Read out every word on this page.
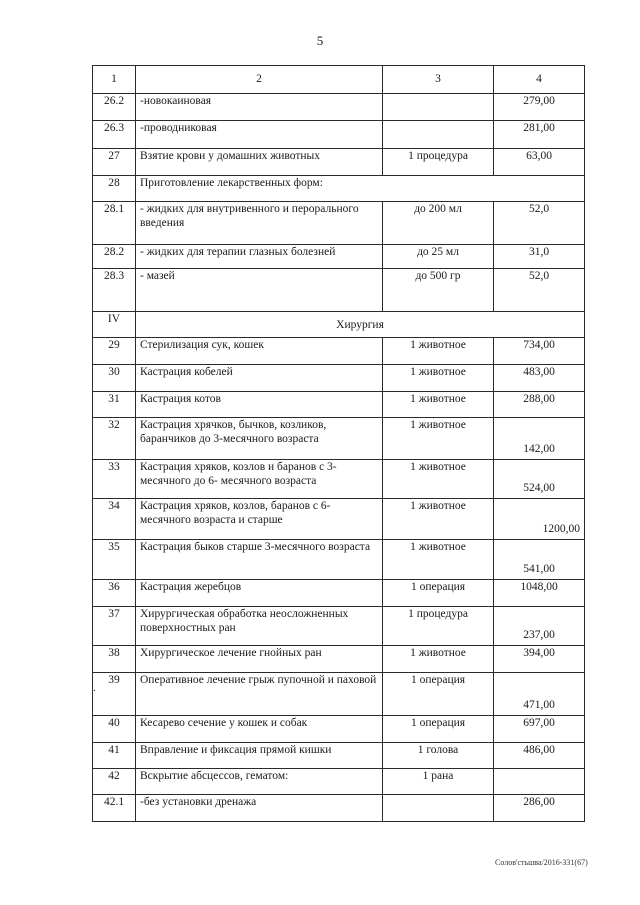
5
1	2	3	4
26.2	-новокаиновая		279,00
26.3	-проводниковая		281,00
27	Взятие крови у домашних животных	1 процедура	63,00
28	Приготовление лекарственных форм:		
28.1	- жидких для внутривенного и перорального введения	до 200 мл	52,0
28.2	- жидких для терапии глазных болезней	до 25 мл	31,0
28.3	- мазей	до 500 гр	52,0
IV	Хирургия		
29	Стерилизация сук, кошек	1 животное	734,00
30	Кастрация кобелей	1 животное	483,00
31	Кастрация котов	1 животное	288,00
32	Кастрация хрячков, бычков, козликов, баранчиков до 3-месячного возраста	1 животное	142,00
33	Кастрация хряков, козлов и баранов с 3-месячного до 6- месячного возраста	1 животное	524,00
34	Кастрация хряков, козлов, баранов с 6-месячного возраста и старше	1 животное	1200,00
35	Кастрация быков старше 3-месячного возраста	1 животное	541,00
36	Кастрация жеребцов	1 операция	1048,00
37	Хирургическая обработка неосложненных поверхностных ран	1 процедура	237,00
38	Хирургическое лечение гнойных ран	1 животное	394,00
39	Оперативное лечение грыж пупочной и паховой	1 операция	471,00
40	Кесарево сечение у кошек и собак	1 операция	697,00
41	Вправление и фиксация прямой кишки	1 голова	486,00
42	Вскрытие абсцессов, гематом:	1 рана	
42.1	-без установки дренажа		286,00
.
Солов'стьшва/2016-331(67)
